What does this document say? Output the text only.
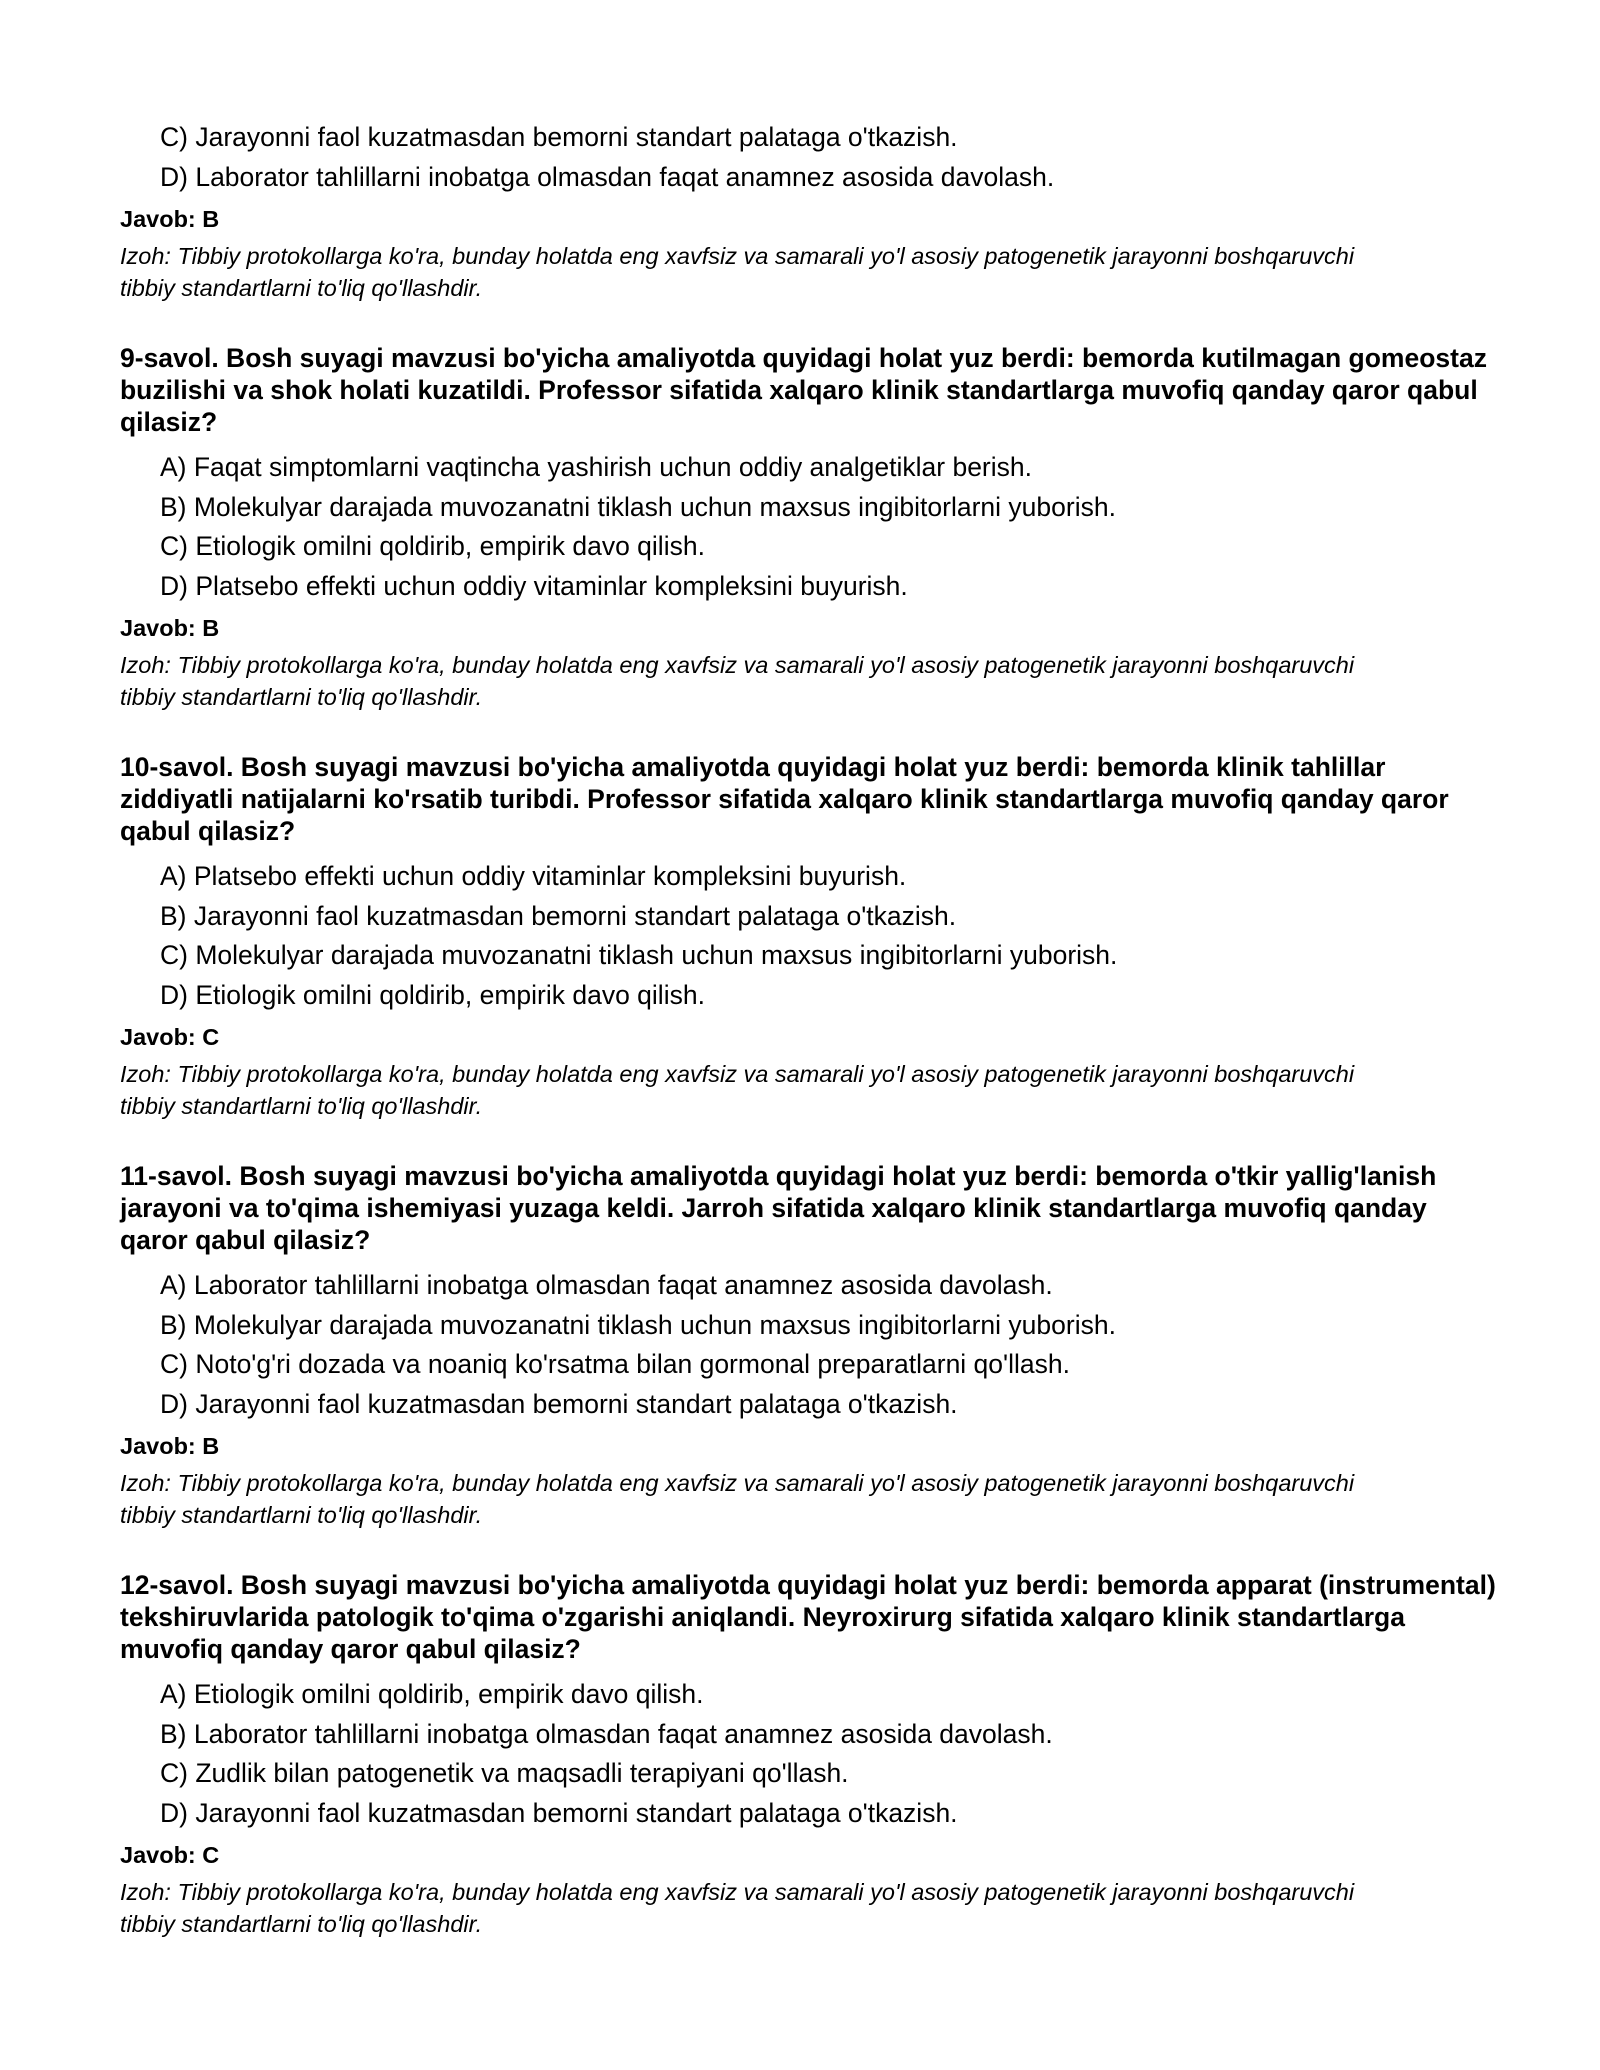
C) Jarayonni faol kuzatmasdan bemorni standart palataga o'tkazish.
D) Laborator tahlillarni inobatga olmasdan faqat anamnez asosida davolash.
Javob: B
Izoh: Tibbiy protokollarga ko'ra, bunday holatda eng xavfsiz va samarali yo'l asosiy patogenetik jarayonni boshqaruvchi tibbiy standartlarni to'liq qo'llashdir.

9-savol. Bosh suyagi mavzusi bo'yicha amaliyotda quyidagi holat yuz berdi: bemorda kutilmagan gomeostaz buzilishi va shok holati kuzatildi. Professor sifatida xalqaro klinik standartlarga muvofiq qanday qaror qabul qilasiz?

A) Faqat simptomlarni vaqtincha yashirish uchun oddiy analgetiklar berish.
B) Molekulyar darajada muvozanatni tiklash uchun maxsus ingibitorlarni yuborish.
C) Etiologik omilni qoldirib, empirik davo qilish.
D) Platsebo effekti uchun oddiy vitaminlar kompleksini buyurish.
Javob: B
Izoh: Tibbiy protokollarga ko'ra, bunday holatda eng xavfsiz va samarali yo'l asosiy patogenetik jarayonni boshqaruvchi tibbiy standartlarni to'liq qo'llashdir.

10-savol. Bosh suyagi mavzusi bo'yicha amaliyotda quyidagi holat yuz berdi: bemorda klinik tahlillar ziddiyatli natijalarni ko'rsatib turibdi. Professor sifatida xalqaro klinik standartlarga muvofiq qanday qaror qabul qilasiz?

A) Platsebo effekti uchun oddiy vitaminlar kompleksini buyurish.
B) Jarayonni faol kuzatmasdan bemorni standart palataga o'tkazish.
C) Molekulyar darajada muvozanatni tiklash uchun maxsus ingibitorlarni yuborish.
D) Etiologik omilni qoldirib, empirik davo qilish.
Javob: C
Izoh: Tibbiy protokollarga ko'ra, bunday holatda eng xavfsiz va samarali yo'l asosiy patogenetik jarayonni boshqaruvchi tibbiy standartlarni to'liq qo'llashdir.

11-savol. Bosh suyagi mavzusi bo'yicha amaliyotda quyidagi holat yuz berdi: bemorda o'tkir yallig'lanish jarayoni va to'qima ishemiyasi yuzaga keldi. Jarroh sifatida xalqaro klinik standartlarga muvofiq qanday qaror qabul qilasiz?

A) Laborator tahlillarni inobatga olmasdan faqat anamnez asosida davolash.
B) Molekulyar darajada muvozanatni tiklash uchun maxsus ingibitorlarni yuborish.
C) Noto'g'ri dozada va noaniq ko'rsatma bilan gormonal preparatlarni qo'llash.
D) Jarayonni faol kuzatmasdan bemorni standart palataga o'tkazish.
Javob: B
Izoh: Tibbiy protokollarga ko'ra, bunday holatda eng xavfsiz va samarali yo'l asosiy patogenetik jarayonni boshqaruvchi tibbiy standartlarni to'liq qo'llashdir.

12-savol. Bosh suyagi mavzusi bo'yicha amaliyotda quyidagi holat yuz berdi: bemorda apparat (instrumental) tekshiruvlarida patologik to'qima o'zgarishi aniqlandi. Neyroxirurg sifatida xalqaro klinik standartlarga muvofiq qanday qaror qabul qilasiz?

A) Etiologik omilni qoldirib, empirik davo qilish.
B) Laborator tahlillarni inobatga olmasdan faqat anamnez asosida davolash.
C) Zudlik bilan patogenetik va maqsadli terapiyani qo'llash.
D) Jarayonni faol kuzatmasdan bemorni standart palataga o'tkazish.
Javob: C
Izoh: Tibbiy protokollarga ko'ra, bunday holatda eng xavfsiz va samarali yo'l asosiy patogenetik jarayonni boshqaruvchi tibbiy standartlarni to'liq qo'llashdir.
